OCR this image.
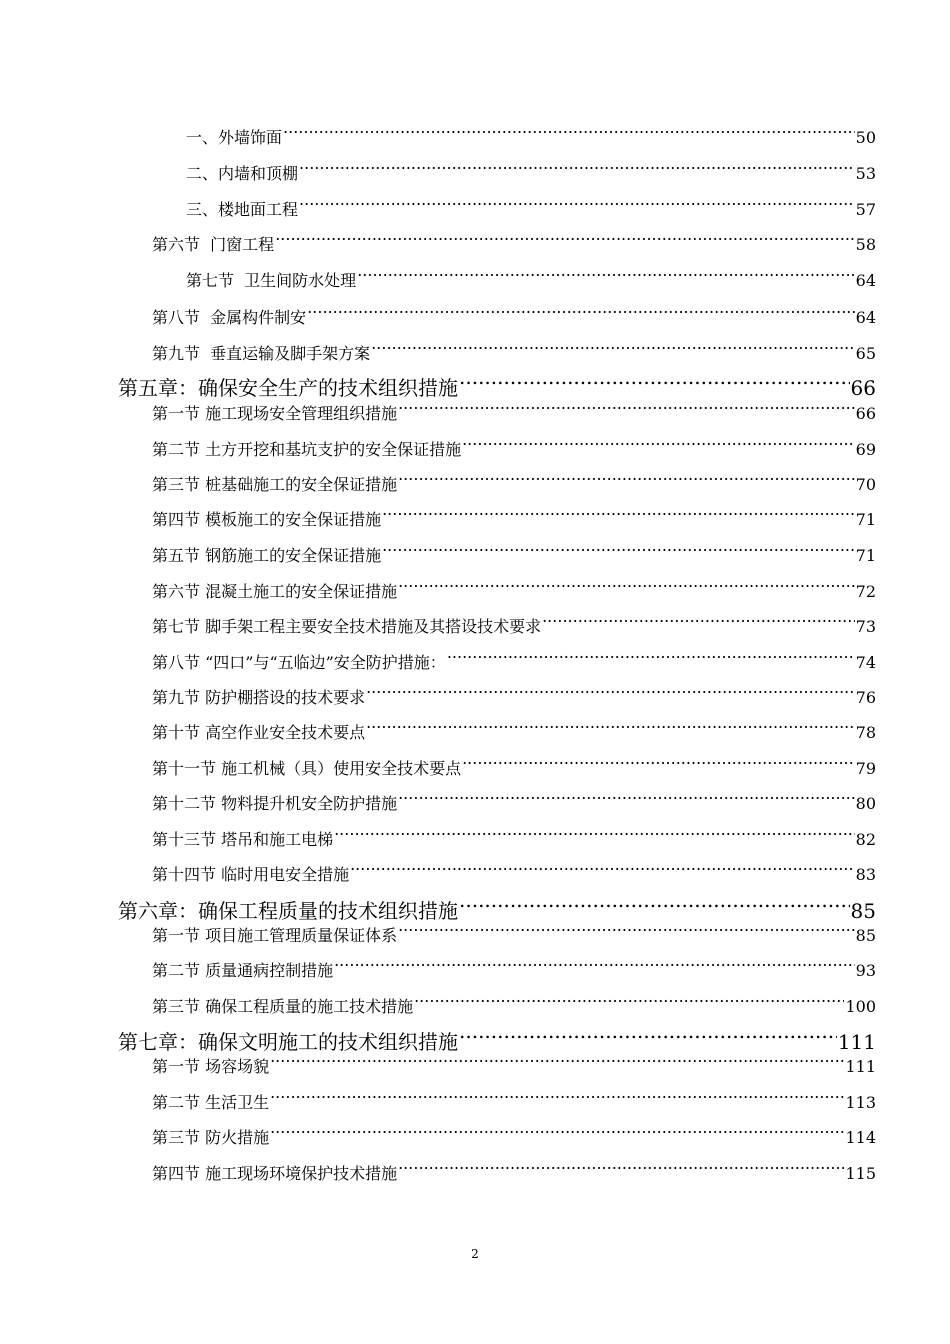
一、外墙饰面 .....	50
二、内墙和顶棚 .....	53
三、楼地面工程 .....	57
第六节  门窗工程 .....	58
第七节  卫生间防水处理 .....	64
第八节  金属构件制安 .....	64
第九节  垂直运输及脚手架方案 .....	65
第五章：确保安全生产的技术组织措施 .....	66
第一节 施工现场安全管理组织措施 .....	66
第二节 土方开挖和基坑支护的安全保证措施 .....	69
第三节 桩基础施工的安全保证措施 .....	70
第四节 模板施工的安全保证措施 .....	71
第五节 钢筋施工的安全保证措施 .....	71
第六节 混凝土施工的安全保证措施 .....	72
第七节 脚手架工程主要安全技术措施及其搭设技术要求 .....	73
第八节 “四口”与“五临边”安全防护措施： .....	74
第九节 防护棚搭设的技术要求 .....	76
第十节 高空作业安全技术要点 .....	78
第十一节 施工机械（具）使用安全技术要点 .....	79
第十二节 物料提升机安全防护措施 .....	80
第十三节 塔吊和施工电梯 .....	82
第十四节 临时用电安全措施 .....	83
第六章：确保工程质量的技术组织措施 .....	85
第一节 项目施工管理质量保证体系 .....	85
第二节 质量通病控制措施 .....	93
第三节 确保工程质量的施工技术措施 .....	100
第七章：确保文明施工的技术组织措施 .....	111
第一节 场容场貌 .....	111
第二节 生活卫生 .....	113
第三节 防火措施 .....	114
第四节 施工现场环境保护技术措施 .....	115
2
